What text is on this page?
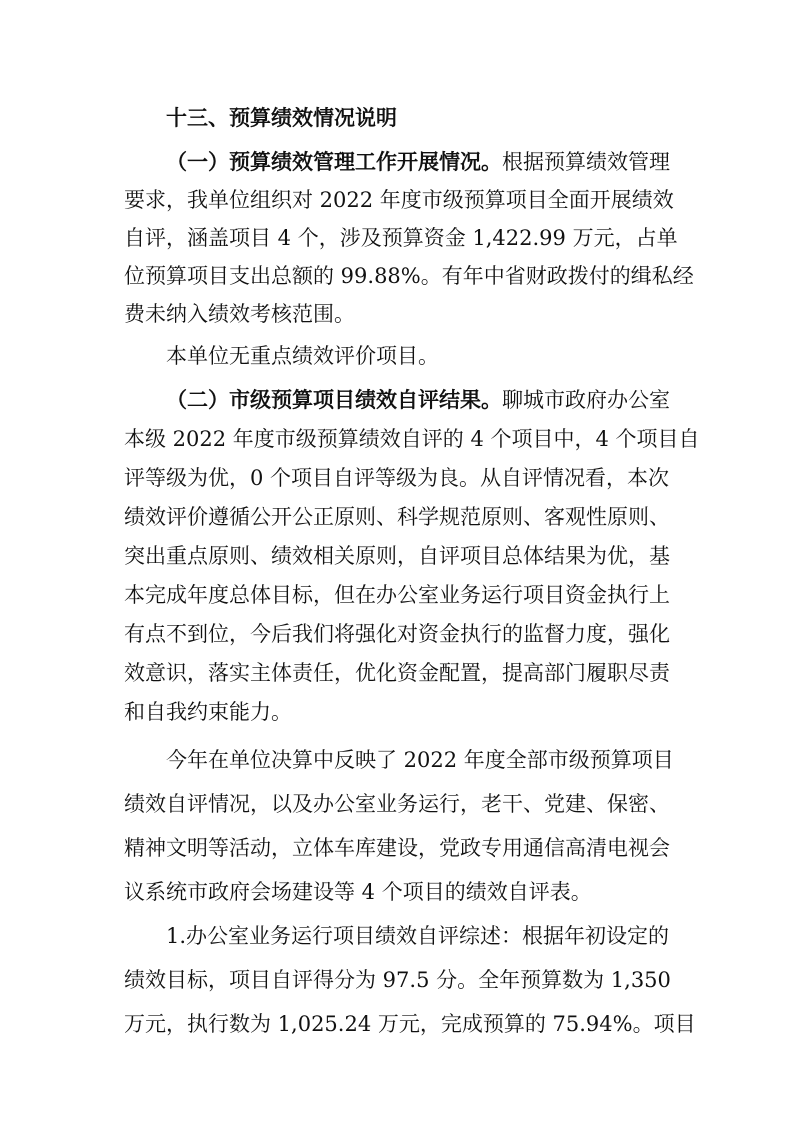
十三、预算绩效情况说明
（一）预算绩效管理工作开展情况。根据预算绩效管理
要求，我单位组织对 2022 年度市级预算项目全面开展绩效
自评，涵盖项目 4 个，涉及预算资金 1,422.99 万元，占单
位预算项目支出总额的 99.88%。有年中省财政拨付的缉私经
费未纳入绩效考核范围。
本单位无重点绩效评价项目。
（二）市级预算项目绩效自评结果。聊城市政府办公室
本级 2022 年度市级预算绩效自评的 4 个项目中，4 个项目自
评等级为优，0 个项目自评等级为良。从自评情况看，本次
绩效评价遵循公开公正原则、科学规范原则、客观性原则、
突出重点原则、绩效相关原则，自评项目总体结果为优，基
本完成年度总体目标，但在办公室业务运行项目资金执行上
有点不到位，今后我们将强化对资金执行的监督力度，强化
效意识，落实主体责任，优化资金配置，提高部门履职尽责
和自我约束能力。
今年在单位决算中反映了 2022 年度全部市级预算项目
绩效自评情况，以及办公室业务运行，老干、党建、保密、
精神文明等活动，立体车库建设，党政专用通信高清电视会
议系统市政府会场建设等 4 个项目的绩效自评表。
1.办公室业务运行项目绩效自评综述：根据年初设定的
绩效目标，项目自评得分为 97.5 分。全年预算数为 1,350
万元，执行数为 1,025.24 万元，完成预算的 75.94%。项目
